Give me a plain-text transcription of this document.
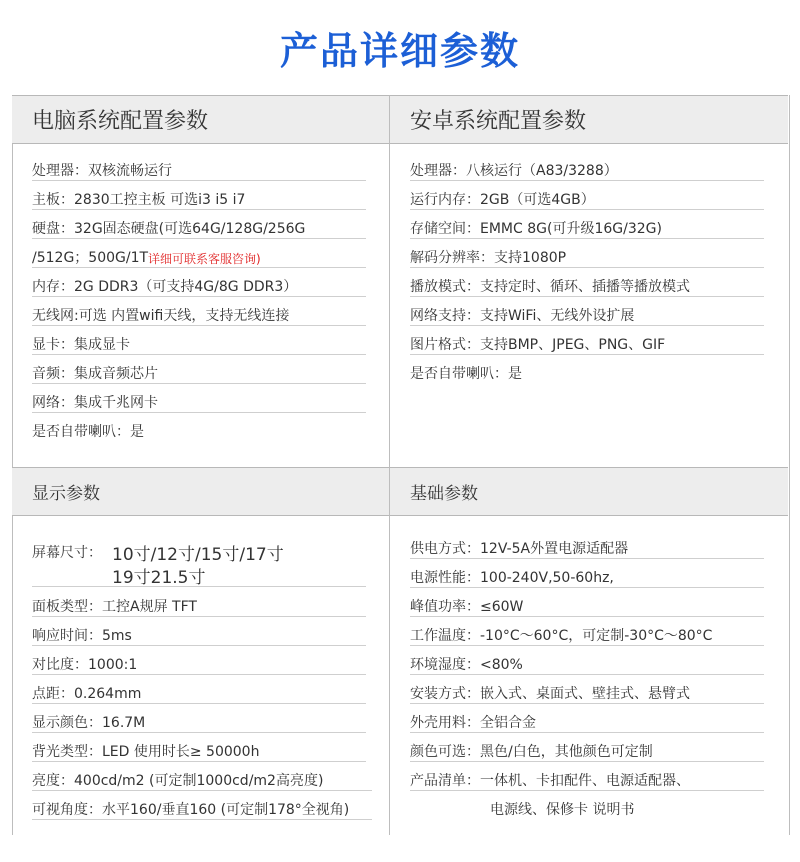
产品详细参数
电脑系统配置参数	安卓系统配置参数
处理器：双核流畅运行
主板：2830工控主板 可选i3 i5 i7
硬盘：32G固态硬盘(可选64G/128G/256G
/512G；500G/1T 详细可联系客服咨询)
内存：2G DDR3（可支持4G/8G DDR3）
无线网:可选 内置wifi天线，支持无线连接
显卡：集成显卡
音频：集成音频芯片
网络：集成千兆网卡
是否自带喇叭：是
处理器：八核运行（A83/3288）
运行内存：2GB（可选4GB）
存储空间：EMMC 8G(可升级16G/32G)
解码分辨率：支持1080P
播放模式：支持定时、循环、插播等播放模式
网络支持：支持WiFi、无线外设扩展
图片格式：支持BMP、JPEG、PNG、GIF
是否自带喇叭：是
显示参数	基础参数
屏幕尺寸： 10寸/12寸/15寸/17寸
19寸21.5寸
面板类型：工控A规屏 TFT
响应时间：5ms
对比度：1000:1
点距：0.264mm
显示颜色：16.7M
背光类型：LED 使用时长≥ 50000h
亮度：400cd/m2 (可定制1000cd/m2高亮度)
可视角度：水平160/垂直160 (可定制178°全视角)
供电方式：12V-5A外置电源适配器
电源性能：100-240V,50-60hz,
峰值功率：≤60W
工作温度：-10°C～60°C，可定制-30°C～80°C
环境湿度：<80%
安装方式：嵌入式、桌面式、壁挂式、悬臂式
外壳用料：全铝合金
颜色可选：黑色/白色，其他颜色可定制
产品清单：一体机、卡扣配件、电源适配器、
电源线、保修卡 说明书
